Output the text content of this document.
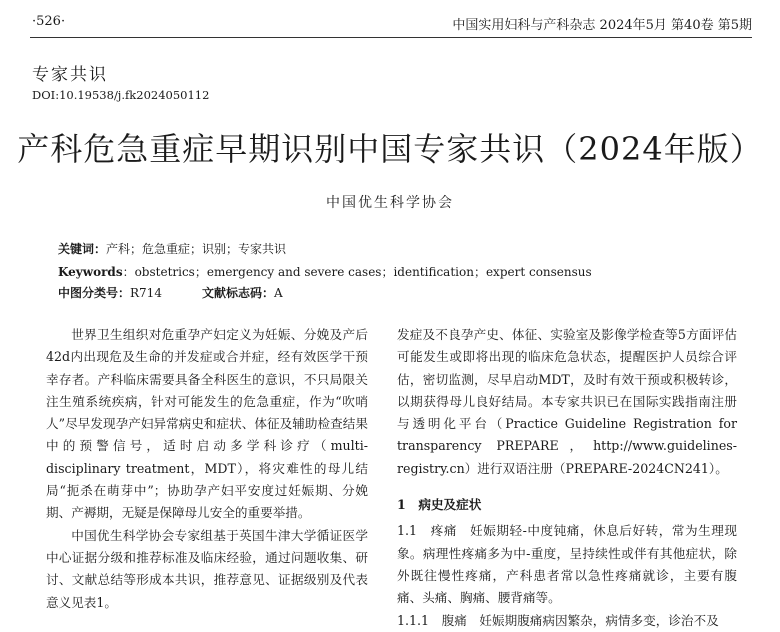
·526·	中国实用妇科与产科杂志 2024年5月 第40卷 第5期
专家共识
DOI:10.19538/j.fk2024050112
产科危急重症早期识别中国专家共识（2024年版）
中国优生科学协会
关键词：产科；危急重症；识别；专家共识
Keywords：obstetrics；emergency and severe cases；identification；expert consensus
中图分类号：R714	文献标志码：A

世界卫生组织对危重孕产妇定义为妊娠、分娩及产后42d内出现危及生命的并发症或合并症，经有效医学干预幸存者。产科临床需要具备全科医生的意识，不只局限关注生殖系统疾病，针对可能发生的危急重症，作为“吹哨人”尽早发现孕产妇异常病史和症状、体征及辅助检查结果中的预警信号，适时启动多学科诊疗（multi-disciplinary treatment，MDT），将灾难性的母儿结局“扼杀在萌芽中”；协助孕产妇平安度过妊娠期、分娩期、产褥期，无疑是保障母儿安全的重要举措。

中国优生科学协会专家组基于英国牛津大学循证医学中心证据分级和推荐标准及临床经验，通过问题收集、研讨、文献总结等形成本共识，推荐意见、证据级别及代表意义见表1。

发症及不良孕产史、体征、实验室及影像学检查等5方面评估可能发生或即将出现的临床危急状态，提醒医护人员综合评估，密切监测，尽早启动MDT，及时有效干预或积极转诊，以期获得母儿良好结局。本专家共识已在国际实践指南注册与透明化平台（Practice Guideline Registration for transparency PREPARE，http://www.guidelines-registry.cn）进行双语注册（PREPARE-2024CN241）。

1　病史及症状

1.1　疼痛　妊娠期轻-中度钝痛，休息后好转，常为生理现象。病理性疼痛多为中-重度，呈持续性或伴有其他症状，除外既往慢性疼痛，产科患者常以急性疼痛就诊，主要有腹痛、头痛、胸痛、腰背痛等。

1.1.1　腹痛　妊娠期腹痛病因繁杂，病情多变，诊治不及
